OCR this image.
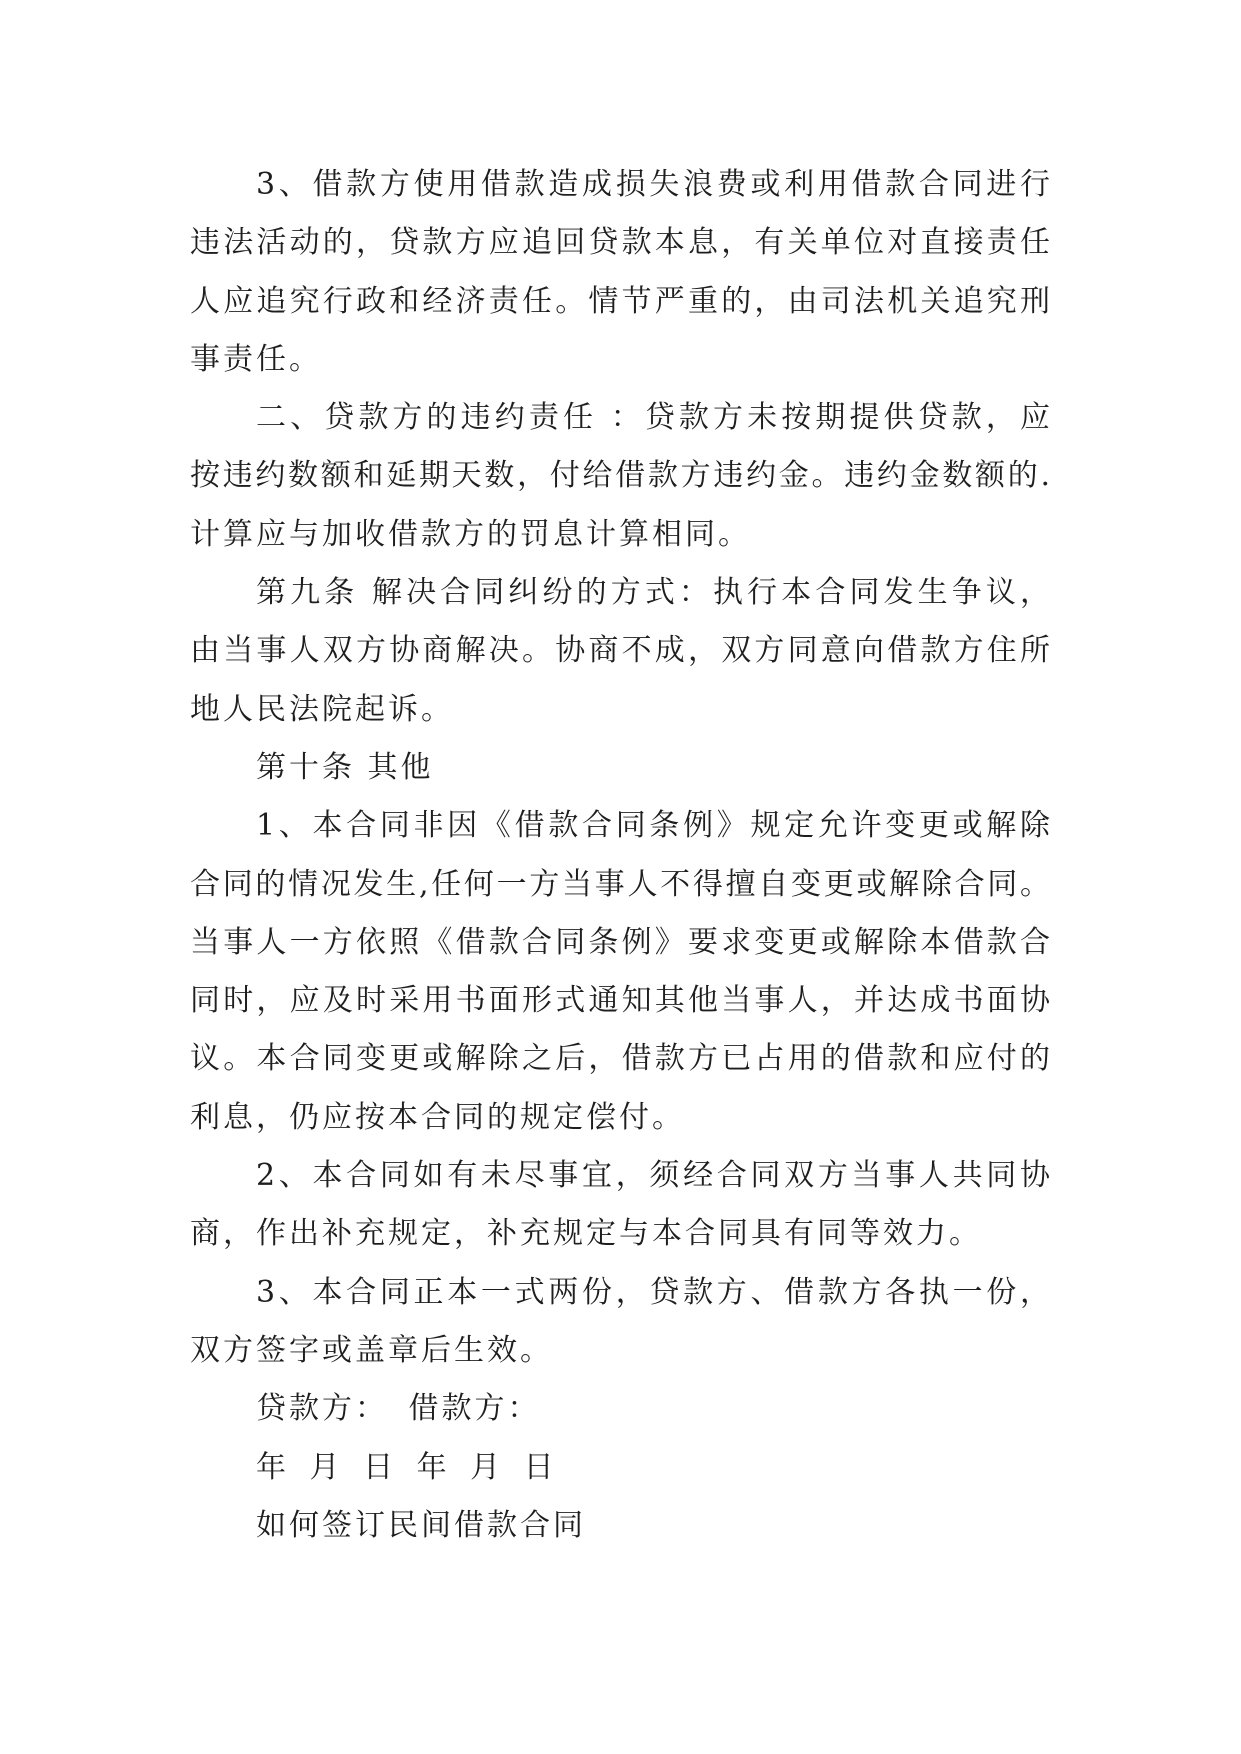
3、借款方使用借款造成损失浪费或利用借款合同进行
违法活动的，贷款方应追回贷款本息，有关单位对直接责任
人应追究行政和经济责任。情节严重的，由司法机关追究刑
事责任。
二、贷款方的违约责任 ：贷款方未按期提供贷款，应
按违约数额和延期天数，付给借款方违约金。违约金数额的.
计算应与加收借款方的罚息计算相同。
第九条 解决合同纠纷的方式：执行本合同发生争议，
由当事人双方协商解决。协商不成，双方同意向借款方住所
地人民法院起诉。
第十条 其他
1、本合同非因《借款合同条例》规定允许变更或解除
合同的情况发生,任何一方当事人不得擅自变更或解除合同。
当事人一方依照《借款合同条例》要求变更或解除本借款合
同时，应及时采用书面形式通知其他当事人，并达成书面协
议。本合同变更或解除之后，借款方已占用的借款和应付的
利息，仍应按本合同的规定偿付。
2、本合同如有未尽事宜，须经合同双方当事人共同协
商，作出补充规定，补充规定与本合同具有同等效力。
3、本合同正本一式两份，贷款方、借款方各执一份，
双方签字或盖章后生效。
贷款方： 借款方：
年 月 日 年 月 日
如何签订民间借款合同
